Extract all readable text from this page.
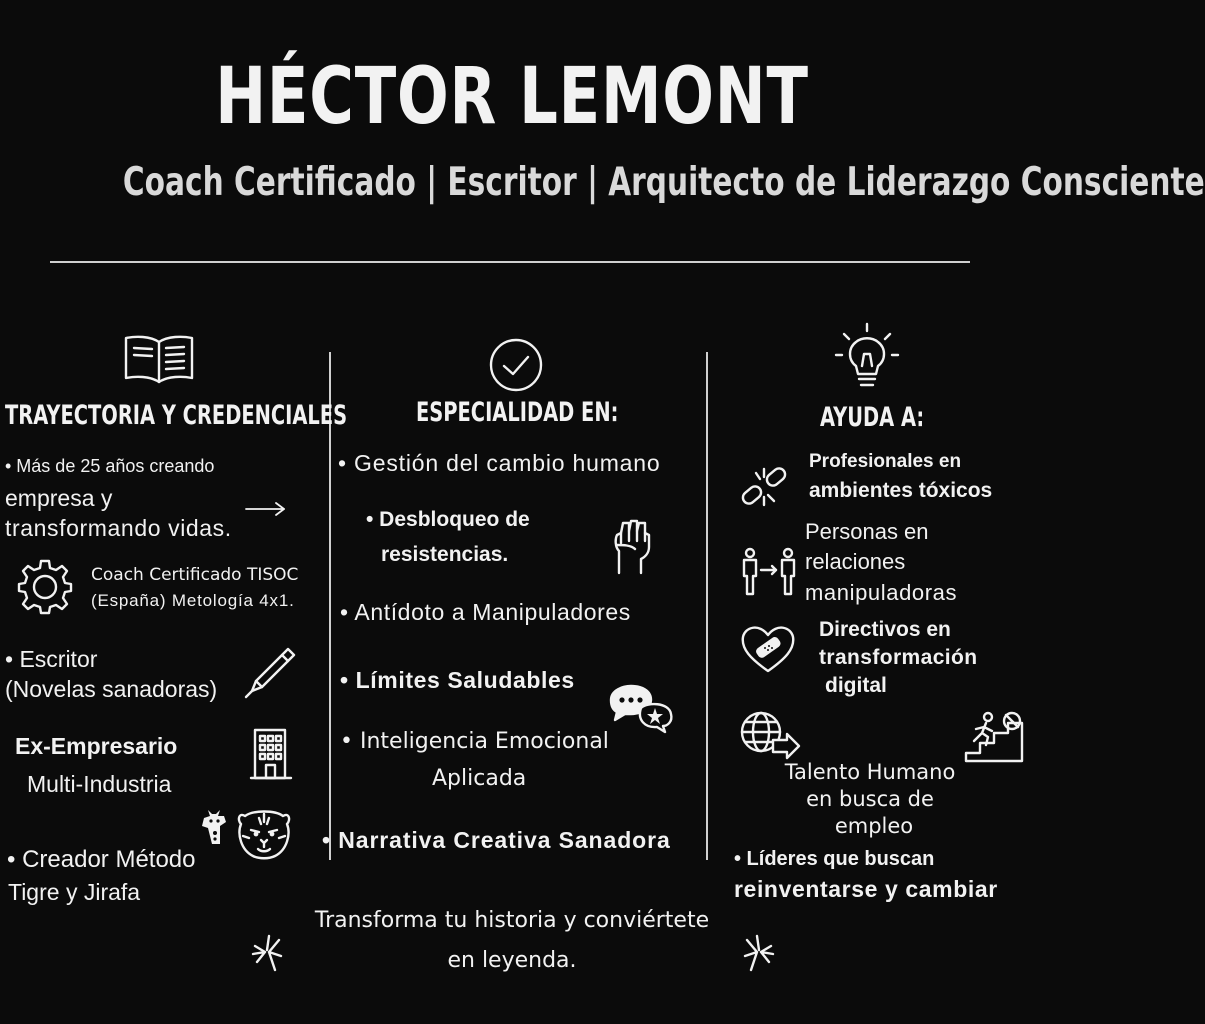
HÉCTOR LEMONT
Coach Certificado | Escritor | Arquitecto de Liderazgo Consciente
TRAYECTORIA Y CREDENCIALES	ESPECIALIDAD EN:	AYUDA A:
• Más de 25 años creando
empresa y
transformando vidas.
Coach Certificado TISOC
(España) Metología 4x1.
• Escritor
(Novelas sanadoras)
Ex-Empresario
Multi-Industria
• Creador Método
Tigre y Jirafa
• Gestión del cambio humano
• Desbloqueo de
resistencias.
• Antídoto a Manipuladores
• Límites Saludables
• Inteligencia Emocional
Aplicada
• Narrativa Creativa Sanadora
Profesionales en
ambientes tóxicos
Personas en
relaciones
manipuladoras
Directivos en
transformación
digital
Talento Humano
en busca de
empleo
• Líderes que buscan
reinventarse y cambiar
Transforma tu historia y conviértete
en leyenda.
